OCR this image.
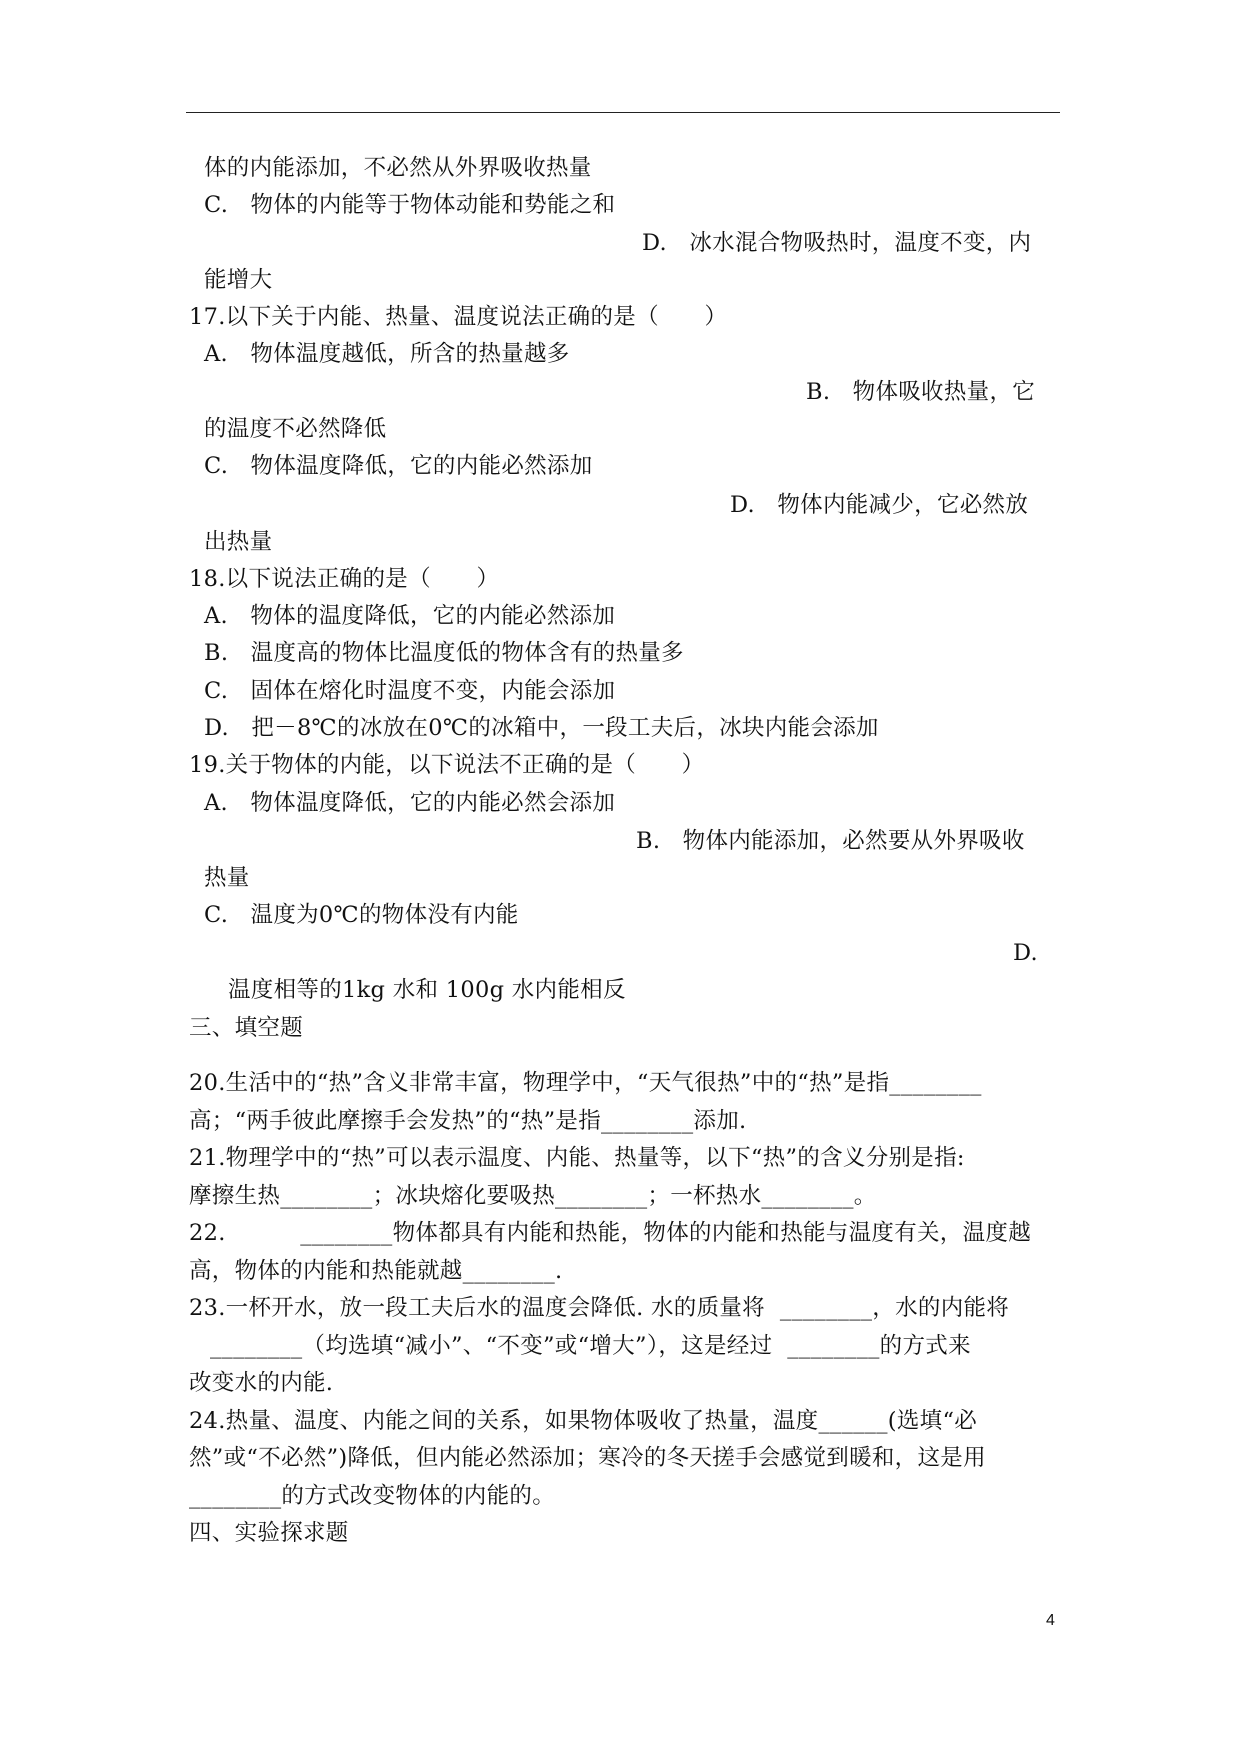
体的内能添加，不必然从外界吸收热量
C.   物体的内能等于物体动能和势能之和
D.   冰水混合物吸热时，温度不变，内
能增大
17.以下关于内能、热量、温度说法正确的是（　　）
A.   物体温度越低，所含的热量越多
B.   物体吸收热量，它
的温度不必然降低
C.   物体温度降低，它的内能必然添加
D.   物体内能减少，它必然放
出热量
18.以下说法正确的是（　　）
A.   物体的温度降低，它的内能必然添加
B.   温度高的物体比温度低的物体含有的热量多
C.   固体在熔化时温度不变，内能会添加
D.   把－8℃的冰放在0℃的冰箱中，一段工夫后，冰块内能会添加
19.关于物体的内能，以下说法不正确的是（　　）
A.   物体温度降低，它的内能必然会添加
B.   物体内能添加，必然要从外界吸收
热量
C.   温度为0℃的物体没有内能
D.
温度相等的1kg 水和 100g 水内能相反
三、填空题
20.生活中的“热”含义非常丰富，物理学中，“天气很热”中的“热”是指________
高；“两手彼此摩擦手会发热”的“热”是指________添加.
21.物理学中的“热”可以表示温度、内能、热量等，以下“热”的含义分别是指:
摩擦生热________；冰块熔化要吸热________；一杯热水________。
22.          ________物体都具有内能和热能，物体的内能和热能与温度有关，温度越
高，物体的内能和热能就越________.
23.一杯开水，放一段工夫后水的温度会降低. 水的质量将  ________，水的内能将
________（均选填“减小”、“不变”或“增大”），这是经过  ________的方式来
改变水的内能.
24.热量、温度、内能之间的关系，如果物体吸收了热量，温度______(选填“必
然”或“不必然”)降低，但内能必然添加；寒冷的冬天搓手会感觉到暖和，这是用
________的方式改变物体的内能的。
四、实验探求题
4
